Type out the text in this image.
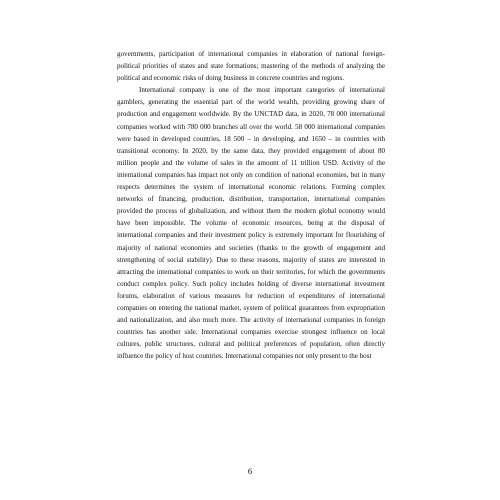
governments, participation of international companies in elaboration of national foreign-political priorities of states and state formations; mastering of the methods of analyzing the political and economic risks of doing business in concrete countries and regions.

International company is one of the most important categories of international gamblers, generating the essential part of the world wealth, providing growing share of production and engagement worldwide. By the UNCTAD data, in 2020, 78 000 international companies worked with 780 000 branches all over the world. 58 000 international companies were based in developed countries, 18 500 – in developing, and 1650 – in countries with transitional economy. In 2020, by the same data, they provided engagement of about 80 million people and the volume of sales in the amount of 11 trillion USD. Activity of the international companies has impact not only on condition of national economies, but in many respects determines the system of international economic relations. Forming complex networks of financing, production, distribution, transportation, international companies provided the process of globalization, and without them the modern global economy would have been impossible. The volume of economic resources, being at the disposal of international companies and their investment policy is extremely important for flourishing of majority of national economies and societies (thanks to the growth of engagement and strengthening of social stability). Due to these reasons, majority of states are interested in attracting the international companies to work on their territories, for which the governments conduct complex policy. Such policy includes holding of diverse international investment forums, elaboration of various measures for reduction of expenditures of international companies on entering the national market, system of political guarantees from expropriation and nationalization, and also much more. The activity of international companies in foreign countries has another side. International companies exercise strongest influence on local cultures, public structures, cultural and political preferences of population, often directly influence the policy of host countries. International companies not only present to the host

6
